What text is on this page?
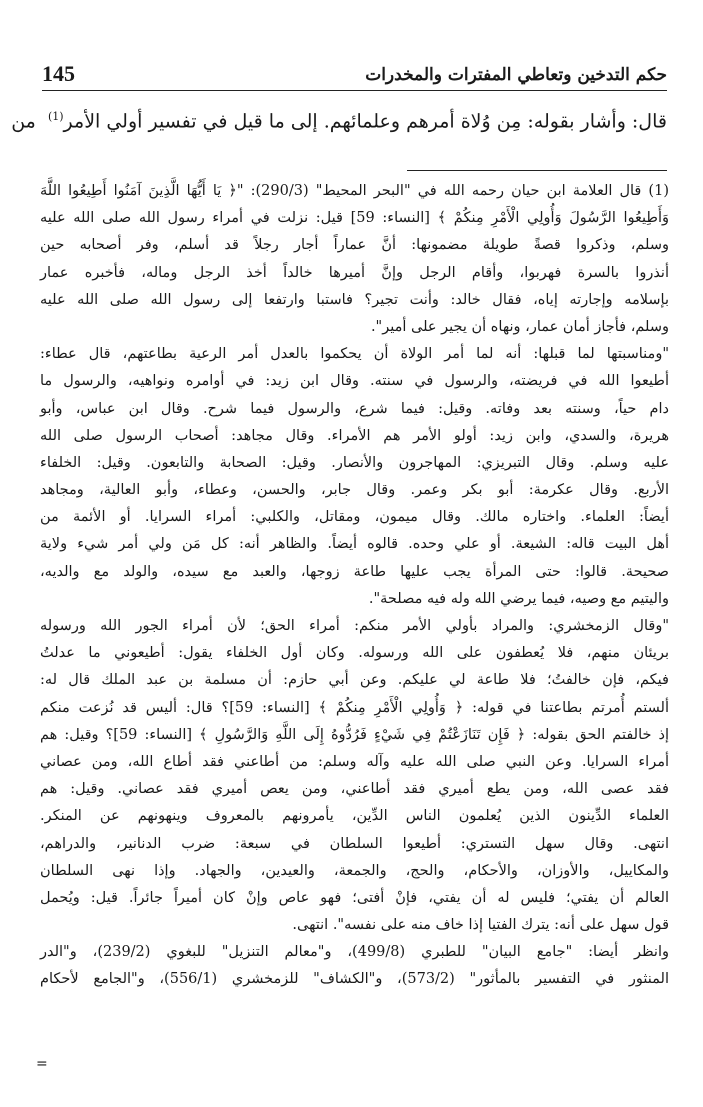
145	حكم التدخين وتعاطي المفترات والمخدرات
قال: وأشار بقوله: مِن وُلاة أمرهم وعلمائهم. إلى ما قيل في تفسير أولي الأمر$^{(1)}$  من
(1) قال العلامة ابن حيان رحمه الله في "البحر المحيط" (290/3): "﴿ يَا أَيُّهَا الَّذِينَ آمَنُوا أَطِيعُوا اللَّهَ
وَأَطِيعُوا الرَّسُولَ وَأُولِي الْأَمْرِ مِنكُمْ ﴾ [النساء: 59] قيل: نزلت في أمراء رسول الله صلى الله عليه
وسلم، وذكروا قصةً طويلة مضمونها: أنَّ عماراً أجار رجلاً قد أسلم، وفر أصحابه حين
أنذروا بالسرة فهربوا، وأقام الرجل وإنَّ أميرها خالداً أخذ الرجل وماله، فأخبره عمار
بإسلامه وإجارته إياه، فقال خالد: وأنت تجير؟ فاستبا وارتفعا إلى رسول الله صلى الله عليه
وسلم، فأجاز أمان عمار، ونهاه أن يجير على أمير".
"ومناسبتها لما قبلها: أنه لما أمر الولاة أن يحكموا بالعدل أمر الرعية بطاعتهم، قال عطاء:
أطيعوا الله في فريضته، والرسول في سنته. وقال ابن زيد: في أوامره ونواهيه، والرسول ما
دام حياً، وسنته بعد وفاته. وقيل: فيما شرع، والرسول فيما شرح. وقال ابن عباس، وأبو
هريرة، والسدي، وابن زيد: أولو الأمر هم الأمراء. وقال مجاهد: أصحاب الرسول صلى الله
عليه وسلم. وقال التبريزي: المهاجرون والأنصار. وقيل: الصحابة والتابعون. وقيل: الخلفاء
الأربع. وقال عكرمة: أبو بكر وعمر. وقال جابر، والحسن، وعطاء، وأبو العالية، ومجاهد
أيضاً: العلماء. واختاره مالك. وقال ميمون، ومقاتل، والكلبي: أمراء السرايا. أو الأئمة من
أهل البيت قاله: الشيعة. أو علي وحده. قالوه أيضاً. والظاهر أنه: كل مَن ولي أمر شيء ولاية
صحيحة. قالوا: حتى المرأة يجب عليها طاعة زوجها، والعبد مع سيده، والولد مع والديه،
واليتيم مع وصيه، فيما يرضي الله وله فيه مصلحة".
"وقال الزمخشري: والمراد بأولي الأمر منكم: أمراء الحق؛ لأن أمراء الجور الله ورسوله
بريئان منهم، فلا يُعطفون على الله ورسوله. وكان أول الخلفاء يقول: أطيعوني ما عدلتُ
فيكم، فإن خالفتُ؛ فلا طاعة لي عليكم. وعن أبي حازم: أن مسلمة بن عبد الملك قال له:
ألستم أُمرتم بطاعتنا في قوله: ﴿ وَأُولِي الْأَمْرِ مِنكُمْ ﴾ [النساء: 59]؟ قال: أليس قد نُزعت منكم
إذ خالفتم الحق بقوله: ﴿ فَإِن تَنَازَعْتُمْ فِي شَيْءٍ فَرُدُّوهُ إِلَى اللَّهِ وَالرَّسُولِ ﴾ [النساء: 59]؟ وقيل: هم
أمراء السرايا. وعن النبي صلى الله عليه وآله وسلم: من أطاعني فقد أطاع الله، ومن عصاني
فقد عصى الله، ومن يطع أميري فقد أطاعني، ومن يعص أميري فقد عصاني. وقيل: هم
العلماء الدِّينون الذين يُعلمون الناس الدِّين، يأمرونهم بالمعروف وينهونهم عن المنكر.
انتهى. وقال سهل التستري: أطيعوا السلطان في سبعة: ضرب الدنانير، والدراهم،
والمكاييل، والأوزان، والأحكام، والحج، والجمعة، والعيدين، والجهاد. وإذا نهى السلطان
العالم أن يفتي؛ فليس له أن يفتي، فإنْ أفتى؛ فهو عاص وإنْ كان أميراً جائراً. قيل: ويُحمل
قول سهل على أنه: يترك الفتيا إذا خاف منه على نفسه". انتهى.
وانظر أيضا: "جامع البيان" للطبري (499/8)، و"معالم التنزيل" للبغوي (239/2)، و"الدر
المنثور في التفسير بالمأثور" (573/2)، و"الكشاف" للزمخشري (556/1)، و"الجامع لأحكام
=
